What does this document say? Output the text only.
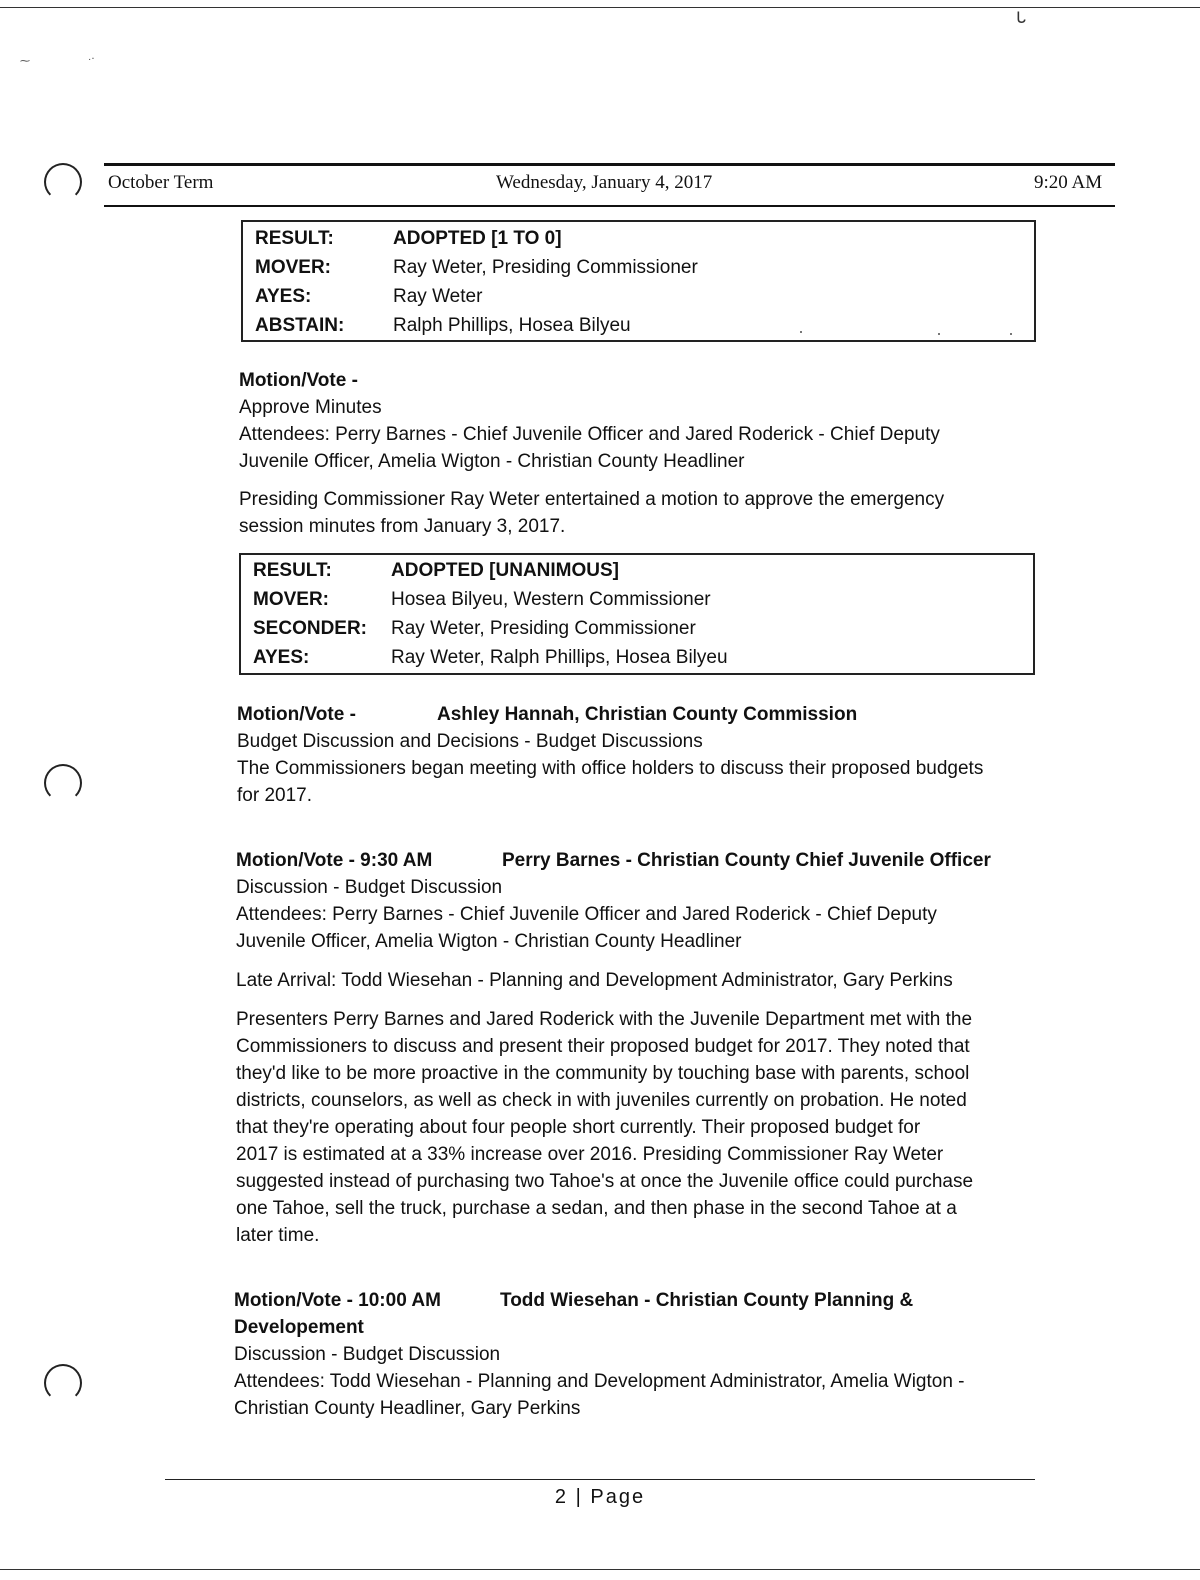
ᒐ
⁓	·‧
October Term	Wednesday, January 4, 2017	9:20 AM
RESULT:	ADOPTED [1 TO 0]
MOVER:	Ray Weter, Presiding Commissioner
AYES:	Ray Weter
ABSTAIN:	Ralph Phillips, Hosea Bilyeu
Motion/Vote -
Approve Minutes
Attendees: Perry Barnes - Chief Juvenile Officer and Jared Roderick - Chief Deputy
Juvenile Officer, Amelia Wigton - Christian County Headliner
Presiding Commissioner Ray Weter entertained a motion to approve the emergency
session minutes from January 3, 2017.
RESULT:	ADOPTED [UNANIMOUS]
MOVER:	Hosea Bilyeu, Western Commissioner
SECONDER:	Ray Weter, Presiding Commissioner
AYES:	Ray Weter, Ralph Phillips, Hosea Bilyeu
Motion/Vote -	Ashley Hannah, Christian County Commission
Budget Discussion and Decisions - Budget Discussions
The Commissioners began meeting with office holders to discuss their proposed budgets
for 2017.
Motion/Vote - 9:30 AM	Perry Barnes - Christian County Chief Juvenile Officer
Discussion - Budget Discussion
Attendees: Perry Barnes - Chief Juvenile Officer and Jared Roderick - Chief Deputy
Juvenile Officer, Amelia Wigton - Christian County Headliner
Late Arrival: Todd Wiesehan - Planning and Development Administrator, Gary Perkins
Presenters Perry Barnes and Jared Roderick with the Juvenile Department met with the
Commissioners to discuss and present their proposed budget for 2017. They noted that
they'd like to be more proactive in the community by touching base with parents, school
districts, counselors, as well as check in with juveniles currently on probation. He noted
that they're operating about four people short currently. Their proposed budget for
2017 is estimated at a 33% increase over 2016. Presiding Commissioner Ray Weter
suggested instead of purchasing two Tahoe's at once the Juvenile office could purchase
one Tahoe, sell the truck, purchase a sedan, and then phase in the second Tahoe at a
later time.
Motion/Vote - 10:00 AM	Todd Wiesehan - Christian County Planning &
Developement
Discussion - Budget Discussion
Attendees: Todd Wiesehan - Planning and Development Administrator, Amelia Wigton -
Christian County Headliner, Gary Perkins
2 | Page
